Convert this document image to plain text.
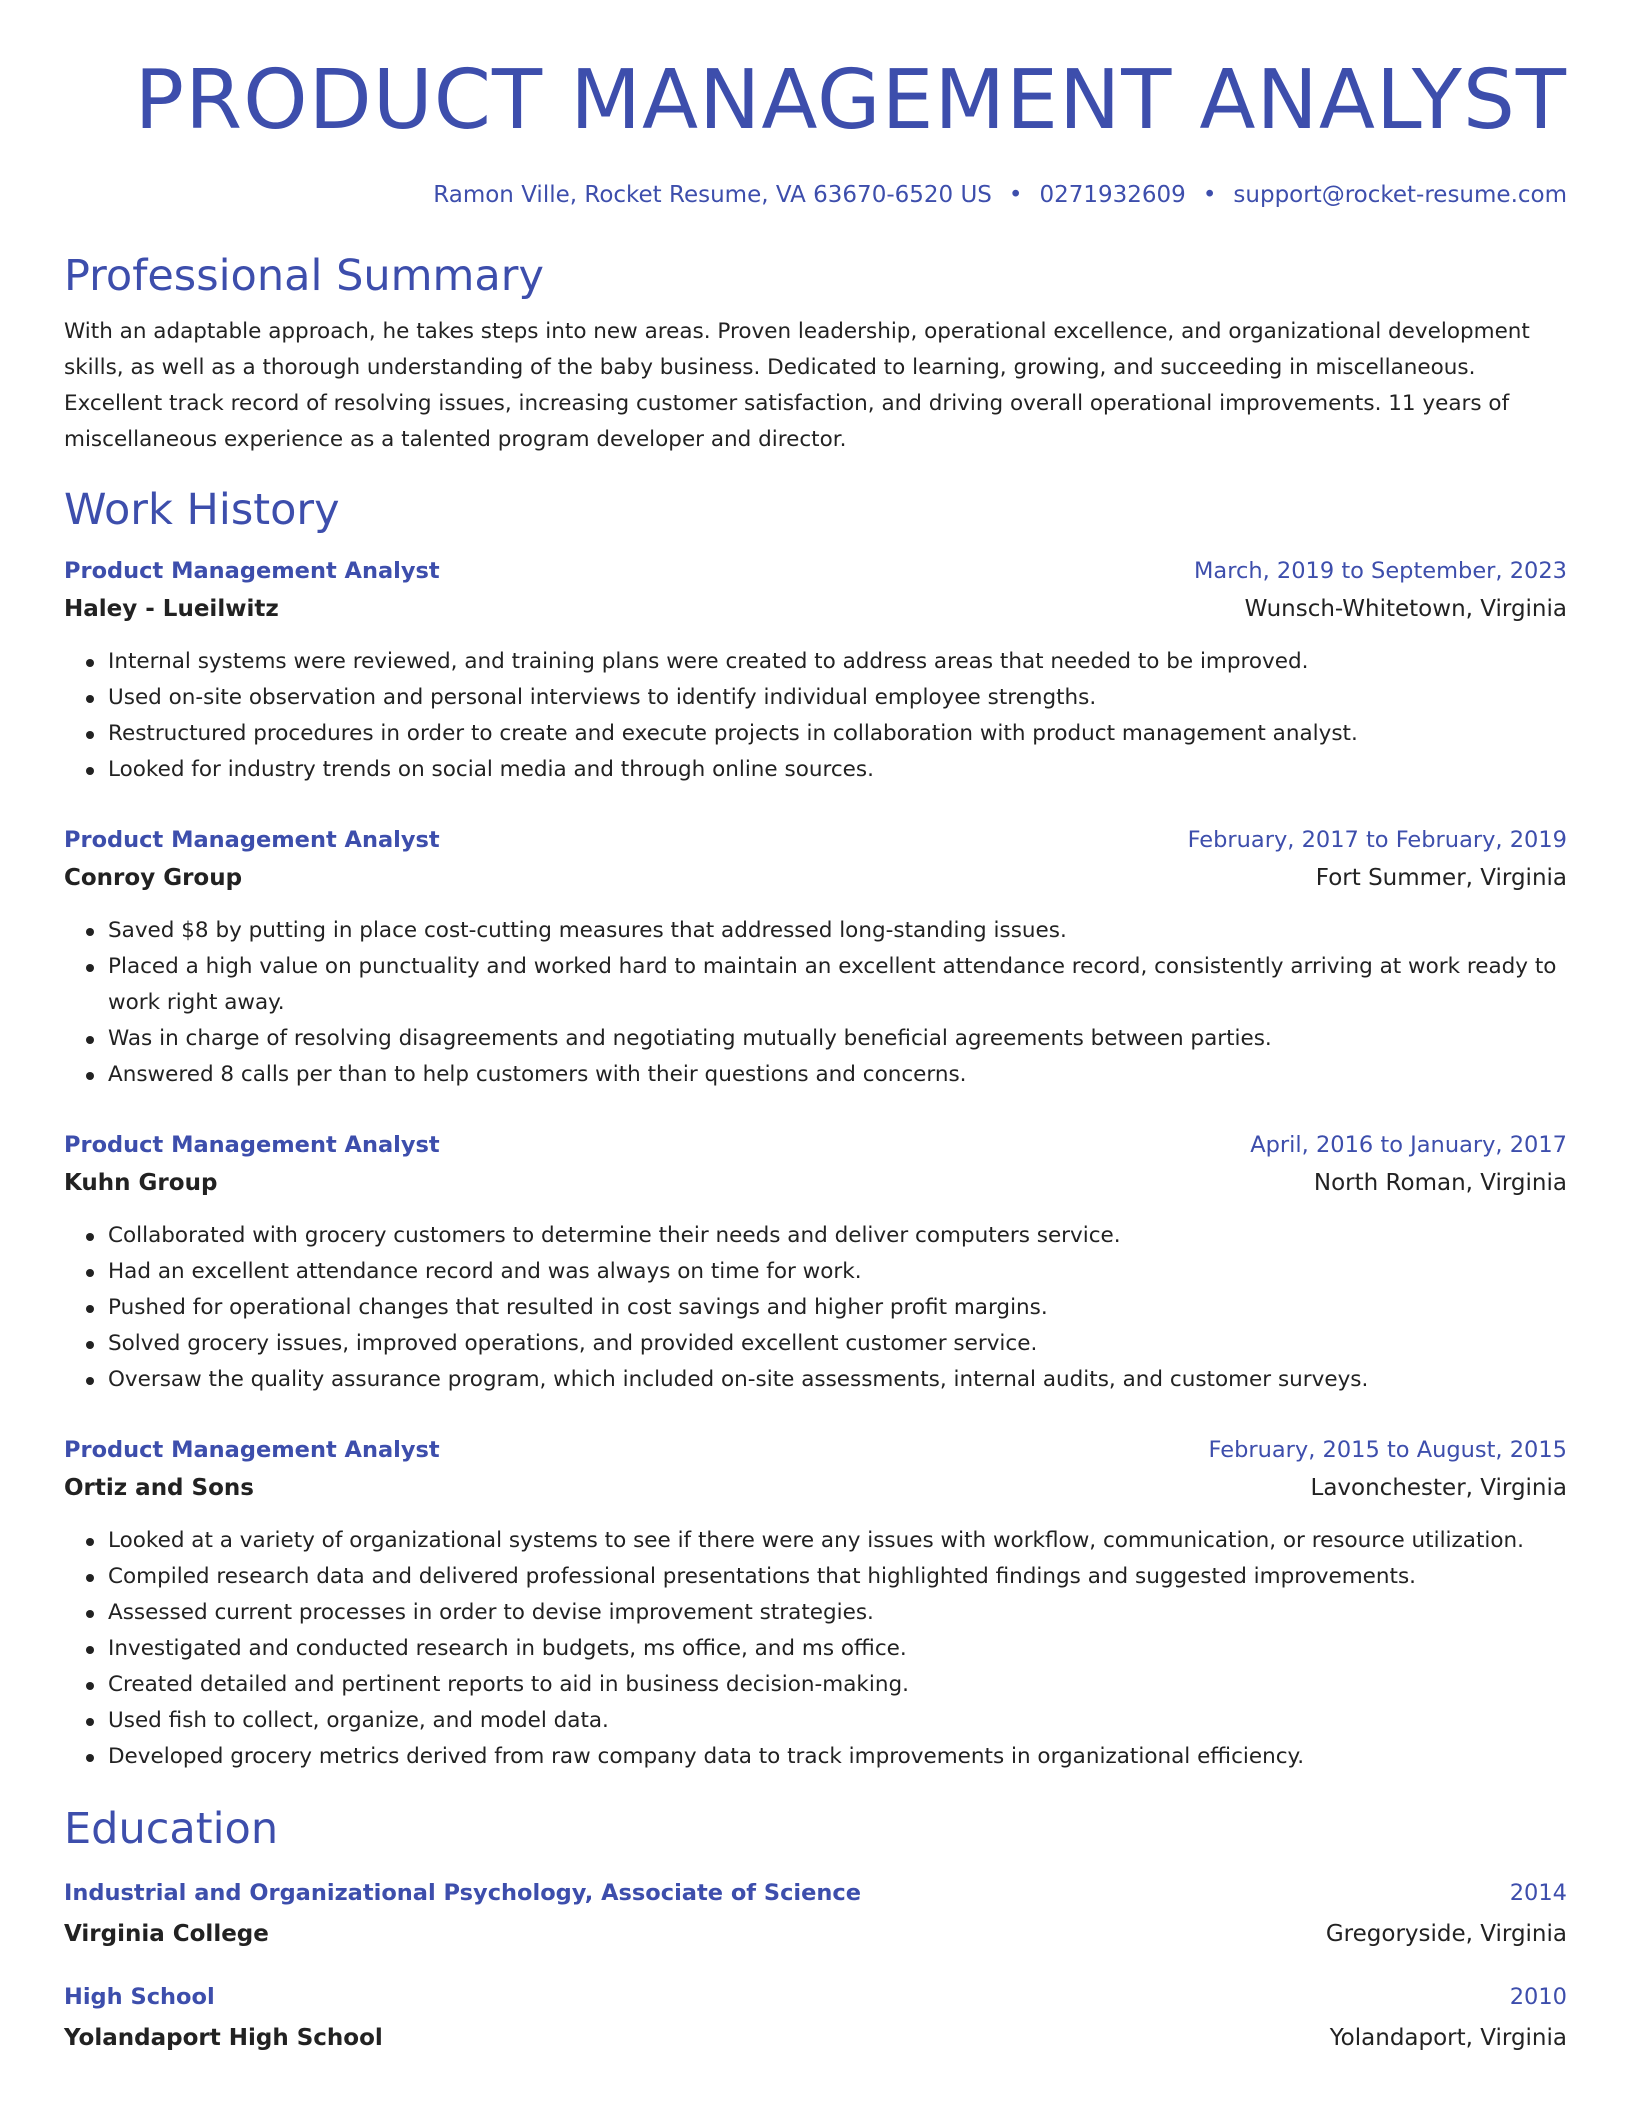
PRODUCT MANAGEMENT ANALYST
Ramon Ville, Rocket Resume, VA 63670-6520 US • 0271932609 • support@rocket-resume.com
Professional Summary
With an adaptable approach, he takes steps into new areas. Proven leadership, operational excellence, and organizational development skills, as well as a thorough understanding of the baby business. Dedicated to learning, growing, and succeeding in miscellaneous. Excellent track record of resolving issues, increasing customer satisfaction, and driving overall operational improvements. 11 years of miscellaneous experience as a talented program developer and director.
Work History
Product Management Analyst	March, 2019 to September, 2023
Haley - Lueilwitz	Wunsch-Whitetown, Virginia
Internal systems were reviewed, and training plans were created to address areas that needed to be improved.
Used on-site observation and personal interviews to identify individual employee strengths.
Restructured procedures in order to create and execute projects in collaboration with product management analyst.
Looked for industry trends on social media and through online sources.
Product Management Analyst	February, 2017 to February, 2019
Conroy Group	Fort Summer, Virginia
Saved $8 by putting in place cost-cutting measures that addressed long-standing issues.
Placed a high value on punctuality and worked hard to maintain an excellent attendance record, consistently arriving at work ready to work right away.
Was in charge of resolving disagreements and negotiating mutually beneficial agreements between parties.
Answered 8 calls per than to help customers with their questions and concerns.
Product Management Analyst	April, 2016 to January, 2017
Kuhn Group	North Roman, Virginia
Collaborated with grocery customers to determine their needs and deliver computers service.
Had an excellent attendance record and was always on time for work.
Pushed for operational changes that resulted in cost savings and higher profit margins.
Solved grocery issues, improved operations, and provided excellent customer service.
Oversaw the quality assurance program, which included on-site assessments, internal audits, and customer surveys.
Product Management Analyst	February, 2015 to August, 2015
Ortiz and Sons	Lavonchester, Virginia
Looked at a variety of organizational systems to see if there were any issues with workflow, communication, or resource utilization.
Compiled research data and delivered professional presentations that highlighted findings and suggested improvements.
Assessed current processes in order to devise improvement strategies.
Investigated and conducted research in budgets, ms office, and ms office.
Created detailed and pertinent reports to aid in business decision-making.
Used fish to collect, organize, and model data.
Developed grocery metrics derived from raw company data to track improvements in organizational efficiency.
Education
Industrial and Organizational Psychology, Associate of Science	2014
Virginia College	Gregoryside, Virginia
High School	2010
Yolandaport High School	Yolandaport, Virginia
